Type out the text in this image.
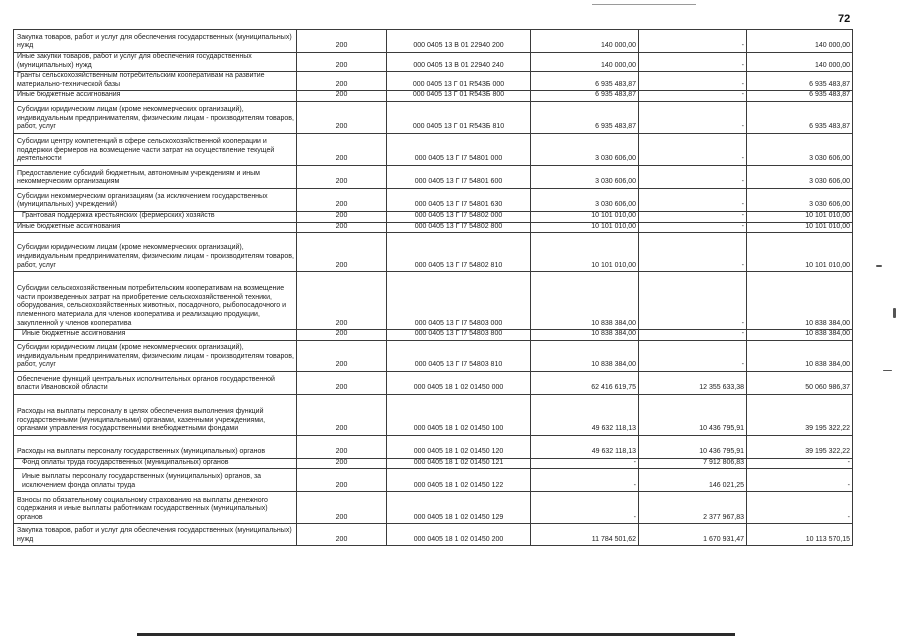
72
Закупка товаров, работ и услуг для обеспечения государственных (муниципальных) нужд	200	000 0405 13 В 01 22940 200	140 000,00	-	140 000,00
Иные закупки товаров, работ и услуг для обеспечения государственных (муниципальных) нужд	200	000 0405 13 В 01 22940 240	140 000,00	-	140 000,00
Гранты сельскохозяйственным потребительским кооперативам на развитие материально-технической базы	200	000 0405 13 Г 01 R543Б 000	6 935 483,87	-	6 935 483,87
Иные бюджетные ассигнования	200	000 0405 13 Г 01 R543Б 800	6 935 483,87	-	6 935 483,87
Субсидии юридическим лицам (кроме некоммерческих организаций), индивидуальным предпринимателям, физическим лицам - производителям товаров, работ, услуг	200	000 0405 13 Г 01 R543Б 810	6 935 483,87	-	6 935 483,87
Субсидии центру компетенций в сфере сельскохозяйственной кооперации и поддержки фермеров на возмещение части затрат на осуществление текущей деятельности	200	000 0405 13 Г I7 54801 000	3 030 606,00	-	3 030 606,00
Предоставление субсидий бюджетным, автономным учреждениям и иным некоммерческим организациям	200	000 0405 13 Г I7 54801 600	3 030 606,00	-	3 030 606,00
Субсидии некоммерческим организациям (за исключением государственных (муниципальных) учреждений)	200	000 0405 13 Г I7 54801 630	3 030 606,00	-	3 030 606,00
Грантовая поддержка крестьянских (фермерских) хозяйств	200	000 0405 13 Г I7 54802 000	10 101 010,00	-	10 101 010,00
Иные бюджетные ассигнования	200	000 0405 13 Г I7 54802 800	10 101 010,00	-	10 101 010,00
Субсидии юридическим лицам (кроме некоммерческих организаций), индивидуальным предпринимателям, физическим лицам - производителям товаров, работ, услуг	200	000 0405 13 Г I7 54802 810	10 101 010,00	-	10 101 010,00
Субсидии сельскохозяйственным потребительским кооперативам на возмещение части произведенных затрат на приобретение сельскохозяйственной техники, оборудования, сельскохозяйственных животных, посадочного, рыбопосадочного и племенного материала для членов кооператива и реализацию продукции, закупленной у членов кооператива	200	000 0405 13 Г I7 54803 000	10 838 384,00	-	10 838 384,00
Иные бюджетные ассигнования	200	000 0405 13 Г I7 54803 800	10 838 384,00	-	10 838 384,00
Субсидии юридическим лицам (кроме некоммерческих организаций), индивидуальным предпринимателям, физическим лицам - производителям товаров, работ, услуг	200	000 0405 13 Г I7 54803 810	10 838 384,00	-	10 838 384,00
Обеспечение функций центральных исполнительных органов государственной власти Ивановской области	200	000 0405 18 1 02 01450 000	62 416 619,75	12 355 633,38	50 060 986,37
Расходы на выплаты персоналу в целях обеспечения выполнения функций государственными (муниципальными) органами, казенными учреждениями, органами управления государственными внебюджетными фондами	200	000 0405 18 1 02 01450 100	49 632 118,13	10 436 795,91	39 195 322,22
Расходы на выплаты персоналу государственных (муниципальных) органов	200	000 0405 18 1 02 01450 120	49 632 118,13	10 436 795,91	39 195 322,22
Фонд оплаты труда государственных (муниципальных) органов	200	000 0405 18 1 02 01450 121	-	7 912 806,83	-
Иные выплаты персоналу государственных (муниципальных) органов, за исключением фонда оплаты труда	200	000 0405 18 1 02 01450 122	-	146 021,25	-
Взносы по обязательному социальному страхованию на выплаты денежного содержания и иные выплаты работникам государственных (муниципальных) органов	200	000 0405 18 1 02 01450 129	-	2 377 967,83	-
Закупка товаров, работ и услуг для обеспечения государственных (муниципальных) нужд	200	000 0405 18 1 02 01450 200	11 784 501,62	1 670 931,47	10 113 570,15
